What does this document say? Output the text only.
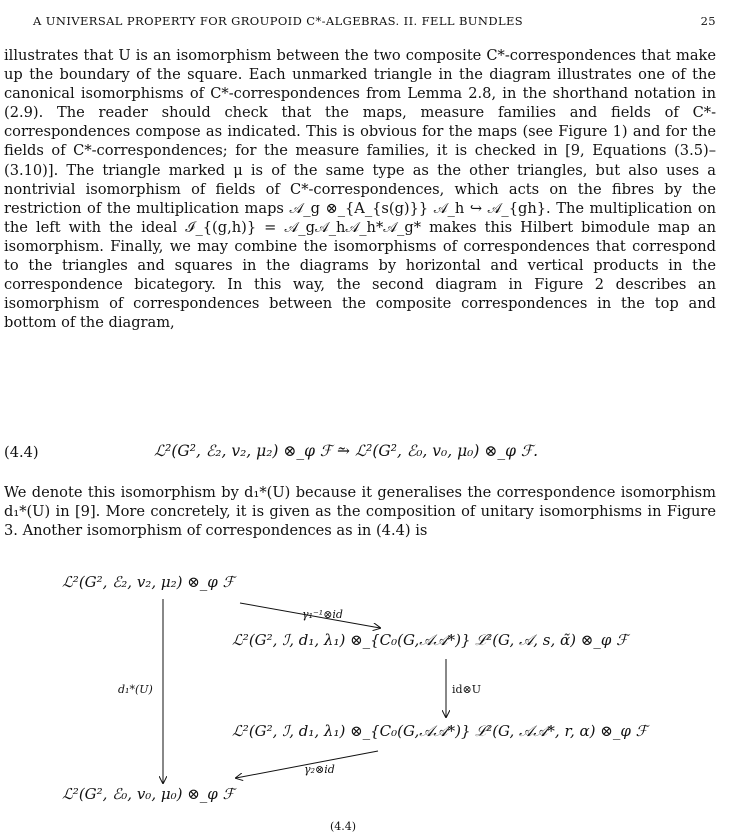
A UNIVERSAL PROPERTY FOR GROUPOID C*-ALGEBRAS. II. FELL BUNDLES	25

illustrates that U is an isomorphism between the two composite C*-correspondences that make up the boundary of the square. Each unmarked triangle in the diagram illustrates one of the canonical isomorphisms of C*-correspondences from Lemma 2.8, in the shorthand notation in (2.9). The reader should check that the maps, measure families and fields of C*-correspondences compose as indicated. This is obvious for the maps (see Figure 1) and for the fields of C*-correspondences; for the measure families, it is checked in [9, Equations (3.5)–(3.10)]. The triangle marked μ is of the same type as the other triangles, but also uses a nontrivial isomorphism of fields of C*-correspondences, which acts on the fibres by the restriction of the multiplication maps 𝒜_g ⊗_{A_{s(g)}} 𝒜_h ↪ 𝒜_{gh}. The multiplication on the left with the ideal ℐ_{(g,h)} = 𝒜_g𝒜_h𝒜_h*𝒜_g* makes this Hilbert bimodule map an isomorphism. Finally, we may combine the isomorphisms of correspondences that correspond to the triangles and squares in the diagrams by horizontal and vertical products in the correspondence bicategory. In this way, the second diagram in Figure 2 describes an isomorphism of correspondences between the composite correspondences in the top and bottom of the diagram,

(4.4)	ℒ²(G², ℰ₂, v₂, μ₂) ⊗_φ ℱ ⥲ ℒ²(G², ℰ₀, v₀, μ₀) ⊗_φ ℱ.

We denote this isomorphism by d₁*(U) because it generalises the correspondence isomorphism d₁*(U) in [9]. More concretely, it is given as the composition of unitary isomorphisms in Figure 3. Another isomorphism of correspondences as in (4.4) is

ℒ²(G², ℰ₂, v₂, μ₂) ⊗_φ ℱ
ℒ²(G², ℐ, d₁, λ₁) ⊗_{C₀(G,𝒜𝒜*)} ℒ²(G, 𝒜, s, α̃) ⊗_φ ℱ
ℒ²(G², ℐ, d₁, λ₁) ⊗_{C₀(G,𝒜𝒜*)} ℒ²(G, 𝒜𝒜*, r, α) ⊗_φ ℱ
ℒ²(G², ℰ₀, v₀, μ₀) ⊗_φ ℱ
γ₁⁻¹⊗id
id⊗U
γ₂⊗id
d₁*(U)
(4.4)
